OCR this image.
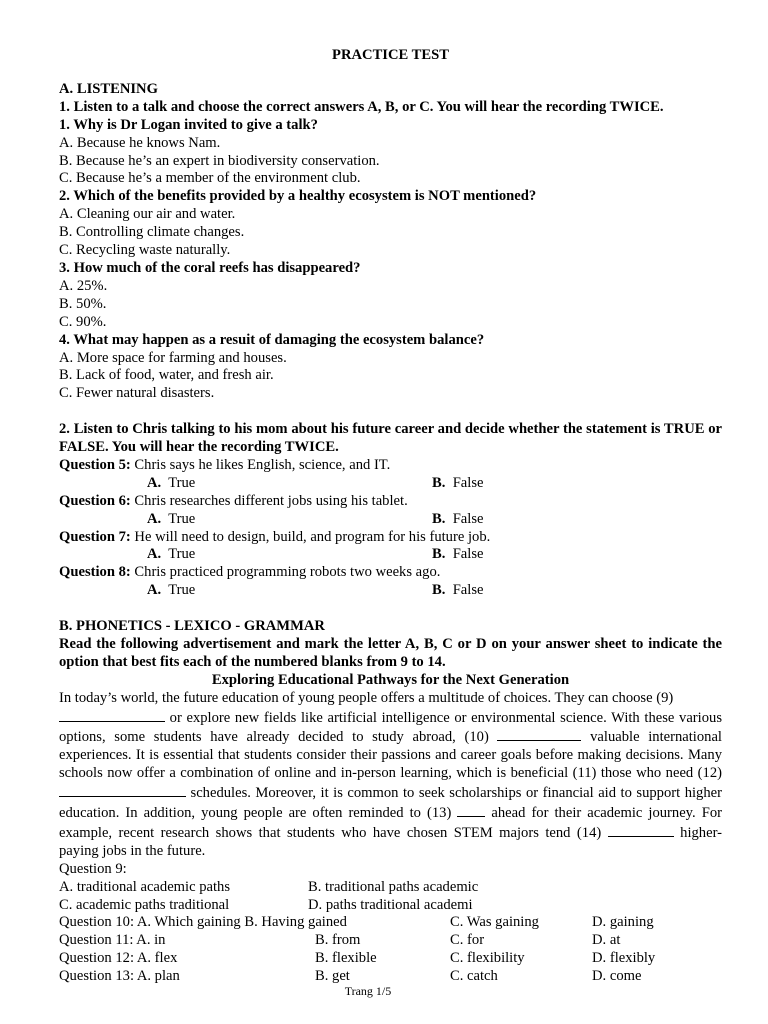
PRACTICE TEST
A. LISTENING
1. Listen to a talk and choose the correct answers A, B, or C. You will hear the recording TWICE.
1. Why is Dr Logan invited to give a talk?
A. Because he knows Nam.
B. Because he’s an expert in biodiversity conservation.
C. Because he’s a member of the environment club.
2. Which of the benefits provided by a healthy ecosystem is NOT mentioned?
A. Cleaning our air and water.
B. Controlling climate changes.
C. Recycling waste naturally.
3. How much of the coral reefs has disappeared?
A. 25%.
B. 50%.
C. 90%.
4. What may happen as a resuit of damaging the ecosystem balance?
A. More space for farming and houses.
B. Lack of food, water, and fresh air.
C. Fewer natural disasters.
2. Listen to Chris talking to his mom about his future career and decide whether the statement is TRUE or FALSE. You will hear the recording TWICE.
Question 5: Chris says he likes English, science, and IT.
A. True	B. False
Question 6: Chris researches different jobs using his tablet.
A. True	B. False
Question 7: He will need to design, build, and program for his future job.
A. True	B. False
Question 8: Chris practiced programming robots two weeks ago.
A. True	B. False
B. PHONETICS - LEXICO - GRAMMAR
Read the following advertisement and mark the letter A, B, C or D on your answer sheet to indicate the option that best fits each of the numbered blanks from 9 to 14.
Exploring Educational Pathways for the Next Generation
In today’s world, the future education of young people offers a multitude of choices. They can choose (9)
or explore new fields like artificial intelligence or environmental science. With these various options, some students have already decided to study abroad, (10)	valuable international experiences. It is essential that students consider their passions and career goals before making decisions. Many schools now offer a combination of online and in-person learning, which is beneficial (11) those who need (12)  schedules. Moreover, it is common to seek scholarships or financial aid to support higher education. In addition, young people are often reminded to (13)  ahead for their academic journey. For example, recent research shows that students who have chosen STEM majors tend (14)	higher-paying jobs in the future.
Question 9:
A. traditional academic paths	B. traditional paths academic
C. academic paths traditional	D. paths traditional academi
Question 10: A. Which gaining B. Having gained	C. Was gaining	D. gaining
Question 11: A. in	B. from	C. for	D. at
Question 12: A. flex	B. flexible	C. flexibility	D. flexibly
Question 13: A. plan	B. get	C. catch	D. come
Trang 1/5
